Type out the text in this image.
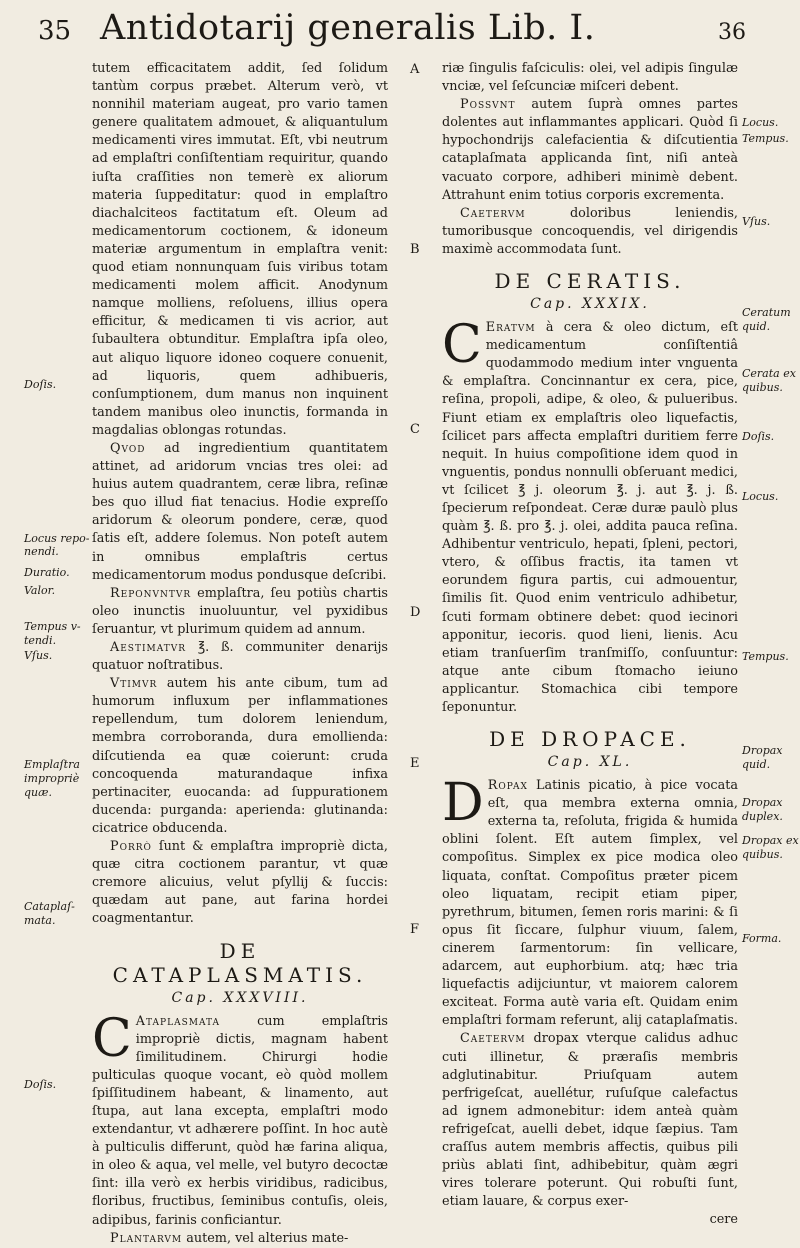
35 Antidotarij generalis Lib. I.	36

tutem efficacitatem addit, ſed ſolidum tantùm corpus præbet. Alterum verò, vt nonnihil materiam augeat, pro vario tamen genere qualitatem admouet, & aliquantulum medicamenti vires immutat. Eſt, vbi neutrum ad emplaſtri conſiſtentiam requiritur, quando iuſta craſſities non temerè ex aliorum materia ſuppeditatur: quod in emplaſtro diachalciteos factitatum eſt. Oleum ad medicamentorum coctionem, & idoneum materiæ argumentum in emplaſtra venit: quod etiam nonnunquam ſuis viribus totam medicamenti molem afficit. Anodynum namque molliens, reſoluens, illius opera efficitur, & medicamen ti vis acrior, aut ſubaultera obtunditur. Emplaſtra ipſa oleo, aut aliquo liquore idoneo coquere conuenit, ad liquoris, quem adhibueris, conſumptionem, dum manus non inquinent tandem manibus oleo inunctis, formanda in magdalias oblongas rotundas.

Qvod ad ingredientium quantitatem attinet, ad aridorum vncias tres olei: ad huius autem quadrantem, ceræ libra, reſinæ bes quo illud fiat tenacius. Hodie expreſſo aridorum & oleorum pondere, ceræ, quod ſatis eſt, addere ſolemus. Non poteſt autem in omnibus emplaſtris certus medicamentorum modus pondusque deſcribi.

Reponvntvr emplaſtra, ſeu potiùs chartis oleo inunctis inuoluuntur, vel pyxidibus ſeruantur, vt plurimum quidem ad annum.

Aestimatvr ℥. ß. communiter denarijs quatuor noſtratibus.

Vtimvr autem his ante cibum, tum ad humorum influxum per inflammationes repellendum, tum dolorem leniendum, membra corroboranda, dura emollienda: diſcutienda ea quæ coierunt: cruda concoquenda maturandaque infixa pertinaciter, euocanda: ad ſuppurationem ducenda: purganda: aperienda: glutinanda: cicatrice obducenda.

Porrò ſunt & emplaſtra impropriè dicta, quæ citra coctionem parantur, vt quæ cremore alicuius, velut pſyllij & ſuccis: quædam aut pane, aut farina hordei coagmentantur.

DE CATAPLASMATIS.
Cap. XXXVIII.

C Ataplasmata cum emplaſtris impropriè dictis, magnam habent ſimilitudinem. Chirurgi hodie pulticulas quoque vocant, eò quòd mollem ſpiſſitudinem habeant, & linamento, aut ſtupa, aut lana excepta, emplaſtri modo extendantur, vt adhærere poſſint. In hoc autè à pulticulis differunt, quòd hæ farina aliqua, in oleo & aqua, vel melle, vel butyro decoctæ ſint: illa verò ex herbis viridibus, radicibus, floribus, fructibus, ſeminibus contuſis, oleis, adipibus, farinis conficiantur.

Plantarvm autem, vel alterius mate-

riæ ſingulis faſciculis: olei, vel adipis ſingulæ vnciæ, vel ſeſcunciæ miſceri debent.

Possvnt autem ſuprà omnes partes dolentes aut inflammantes applicari. Quòd ſi hypochondrijs calefacientia & diſcutientia cataplaſmata applicanda ſint, niſi anteà vacuato corpore, adhiberi minimè debent. Attrahunt enim totius corporis excrementa.

Caetervm doloribus leniendis, tumoribusque concoquendis, vel dirigendis maximè accommodata ſunt.

DE CERATIS.
Cap. XXXIX.

C Eratvm à cera & oleo dictum, eſt medicamentum conſiſtentiâ quodammodo medium inter vnguenta & emplaſtra. Concinnantur ex cera, pice, reſina, propoli, adipe, & oleo, & pulueribus. Fiunt etiam ex emplaſtris oleo liquefactis, ſcilicet pars affecta emplaſtri duritiem ferre nequit. In huius compoſitione idem quod in vnguentis, pondus nonnulli obſeruant medici, vt ſcilicet ℥ j. oleorum ℥. j. aut ℥. j. ß. ſpecierum reſpondeat. Ceræ duræ paulò plus quàm ℥. ß. pro ℥. j. olei, addita pauca reſina. Adhibentur ventriculo, hepati, ſpleni, pectori, vtero, & oſſibus fractis, ita tamen vt eorundem figura partis, cui admouentur, ſimilis ſit. Quod enim ventriculo adhibetur, ſcuti formam obtinere debet: quod iecinori apponitur, iecoris. quod lieni, lienis. Acu etiam tranſuerſim tranſmiſſo, conſuuntur: atque ante cibum ſtomacho ieiuno applicantur. Stomachica cibi tempore ſeponuntur.

DE DROPACE.
Cap. XL.

D Ropax Latinis picatio, à pice vocata eſt, qua membra externa omnia, externa ta, reſoluta, frigida & humida oblini ſolent. Eſt autem ſimplex, vel compoſitus. Simplex ex pice modica oleo liquata, conſtat. Compoſitus præter picem oleo liquatam, recipit etiam piper, pyrethrum, bitumen, ſemen roris marini: & ſi opus ſit ſiccare, ſulphur viuum, ſalem, cinerem ſarmentorum: ſin vellicare, adarcem, aut euphorbium. atq; hæc tria liquefactis adijciuntur, vt maiorem calorem exciteat. Forma autè varia eſt. Quidam enim emplaſtri formam referunt, alij cataplaſmatis.

Caetervm dropax vterque calidus adhuc cuti illinetur, & præraſis membris adglutinabitur. Priuſquam autem perfrigeſcat, auellétur, ruſuſque calefactus ad ignem admonebitur: idem anteà quàm refrigeſcat, auelli debet, idque ſæpius. Tam craſſus autem membris affectis, quibus pili priùs ablati ſint, adhibebitur, quàm ægri vires tolerare poterunt. Qui robuſti ſunt, etiam lauare, & corpus exer-

cere

Doſis.
Locus repo-
nendi.
Duratio.
Valor.
Tempus v-
tendi.
Vſus.
Emplaſtra
impropriè
quæ.
Cataplaſ-
mata.
Doſis.
Locus.
Tempus.
Vſus.
Ceratum
quid.
Cerata ex
quibus.
Doſis.
Locus.
Tempus.
Dropax
quid.
Dropax
duplex.
Dropax ex
quibus.
Forma.
A
B
C
D
E
F
